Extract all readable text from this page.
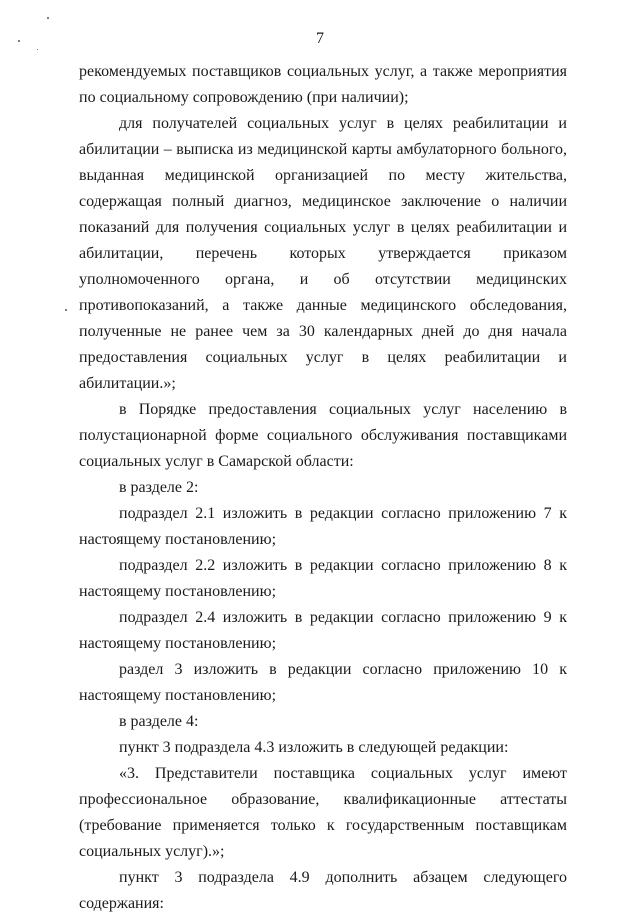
7

рекомендуемых поставщиков социальных услуг, а также мероприятия по социальному сопровождению (при наличии);

для получателей социальных услуг в целях реабилитации и абилитации – выписка из медицинской карты амбулаторного больного, выданная медицинской организацией по месту жительства, содержащая полный диагноз, медицинское заключение о наличии показаний для получения социальных услуг в целях реабилитации и абилитации, перечень которых утверждается приказом уполномоченного органа, и об отсутствии медицинских противопоказаний, а также данные медицинского обследования, полученные не ранее чем за 30 календарных дней до дня начала предоставления социальных услуг в целях реабилитации и абилитации.»;

в Порядке предоставления социальных услуг населению в полустационарной форме социального обслуживания поставщиками социальных услуг в Самарской области:

в разделе 2:

подраздел 2.1 изложить в редакции согласно приложению 7 к настоящему постановлению;

подраздел 2.2 изложить в редакции согласно приложению 8 к настоящему постановлению;

подраздел 2.4 изложить в редакции согласно приложению 9 к настоящему постановлению;

раздел 3 изложить в редакции согласно приложению 10 к настоящему постановлению;

в разделе 4:

пункт 3 подраздела 4.3 изложить в следующей редакции:

«3. Представители поставщика социальных услуг имеют профессиональное образование, квалификационные аттестаты (требование применяется только к государственным поставщикам социальных услуг).»;

пункт 3 подраздела 4.9 дополнить абзацем следующего содержания:
